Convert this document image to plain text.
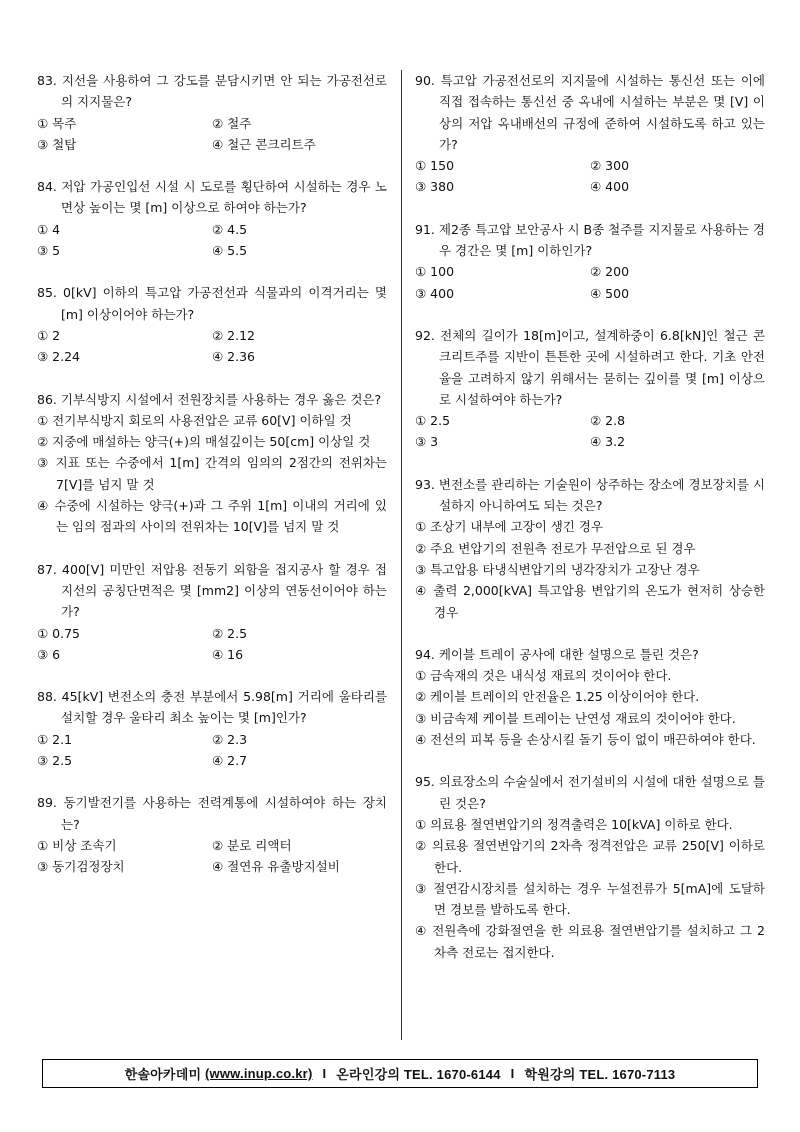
83. 지선을 사용하여 그 강도를 분담시키면 안 되는 가공전선로의 지지물은?
① 목주	② 철주
③ 철탑	④ 철근 콘크리트주
84. 저압 가공인입선 시설 시 도로를 횡단하여 시설하는 경우 노면상 높이는 몇 [m] 이상으로 하여야 하는가?
① 4	② 4.5
③ 5	④ 5.5
85. 0[kV] 이하의 특고압 가공전선과 식물과의 이격거리는 몇 [m] 이상이어야 하는가?
① 2	② 2.12
③ 2.24	④ 2.36
86. 기부식방지 시설에서 전원장치를 사용하는 경우 옳은 것은?
① 전기부식방지 회로의 사용전압은 교류 60[V] 이하일 것
② 지중에 매설하는 양극(+)의 매설깊이는 50[cm] 이상일 것
③ 지표 또는 수중에서 1[m] 간격의 임의의 2점간의 전위차는 7[V]를 넘지 말 것
④ 수중에 시설하는 양극(+)과 그 주위 1[m] 이내의 거리에 있는 임의 점과의 사이의 전위차는 10[V]를 넘지 말 것
87. 400[V] 미만인 저압용 전동기 외함을 접지공사 할 경우 접지선의 공칭단면적은 몇 [mm2] 이상의 연동선이어야 하는가?
① 0.75	② 2.5
③ 6	④ 16
88. 45[kV] 변전소의 충전 부분에서 5.98[m] 거리에 울타리를 설치할 경우 울타리 최소 높이는 몇 [m]인가?
① 2.1	② 2.3
③ 2.5	④ 2.7
89. 동기발전기를 사용하는 전력계통에 시설하여야 하는 장치는?
① 비상 조속기	② 분로 리액터
③ 동기검정장치	④ 절연유 유출방지설비
90. 특고압 가공전선로의 지지물에 시설하는 통신선 또는 이에 직접 접속하는 통신선 중 옥내에 시설하는 부분은 몇 [V] 이상의 저압 옥내배선의 규정에 준하여 시설하도록 하고 있는가?
① 150	② 300
③ 380	④ 400
91. 제2종 특고압 보안공사 시 B종 철주를 지지물로 사용하는 경우 경간은 몇 [m] 이하인가?
① 100	② 200
③ 400	④ 500
92. 전체의 길이가 18[m]이고, 설계하중이 6.8[kN]인 철근 콘크리트주를 지반이 튼튼한 곳에 시설하려고 한다. 기초 안전율을 고려하지 않기 위해서는 묻히는 깊이를 몇 [m] 이상으로 시설하여야 하는가?
① 2.5	② 2.8
③ 3	④ 3.2
93. 변전소를 관리하는 기술원이 상주하는 장소에 경보장치를 시설하지 아니하여도 되는 것은?
① 조상기 내부에 고장이 생긴 경우
② 주요 변압기의 전원측 전로가 무전압으로 된 경우
③ 특고압용 타냉식변압기의 냉각장치가 고장난 경우
④ 출력 2,000[kVA] 특고압용 변압기의 온도가 현저히 상승한 경우
94. 케이블 트레이 공사에 대한 설명으로 틀린 것은?
① 금속재의 것은 내식성 재료의 것이어야 한다.
② 케이블 트레이의 안전율은 1.25 이상이어야 한다.
③ 비금속제 케이블 트레이는 난연성 재료의 것이어야 한다.
④ 전선의 피복 등을 손상시킬 돌기 등이 없이 매끈하여야 한다.
95. 의료장소의 수술실에서 전기설비의 시설에 대한 설명으로 틀린 것은?
① 의료용 절연변압기의 정격출력은 10[kVA] 이하로 한다.
② 의료용 절연변압기의 2차측 정격전압은 교류 250[V] 이하로 한다.
③ 절연감시장치를 설치하는 경우 누설전류가 5[mA]에 도달하면 경보를 발하도록 한다.
④ 전원측에 강화절연을 한 의료용 절연변압기를 설치하고 그 2차측 전로는 접지한다.
한솔아카데미
(www.inup.co.kr) I 온라인강의 TEL. 1670-6144 I 학원강의 TEL. 1670-7113
